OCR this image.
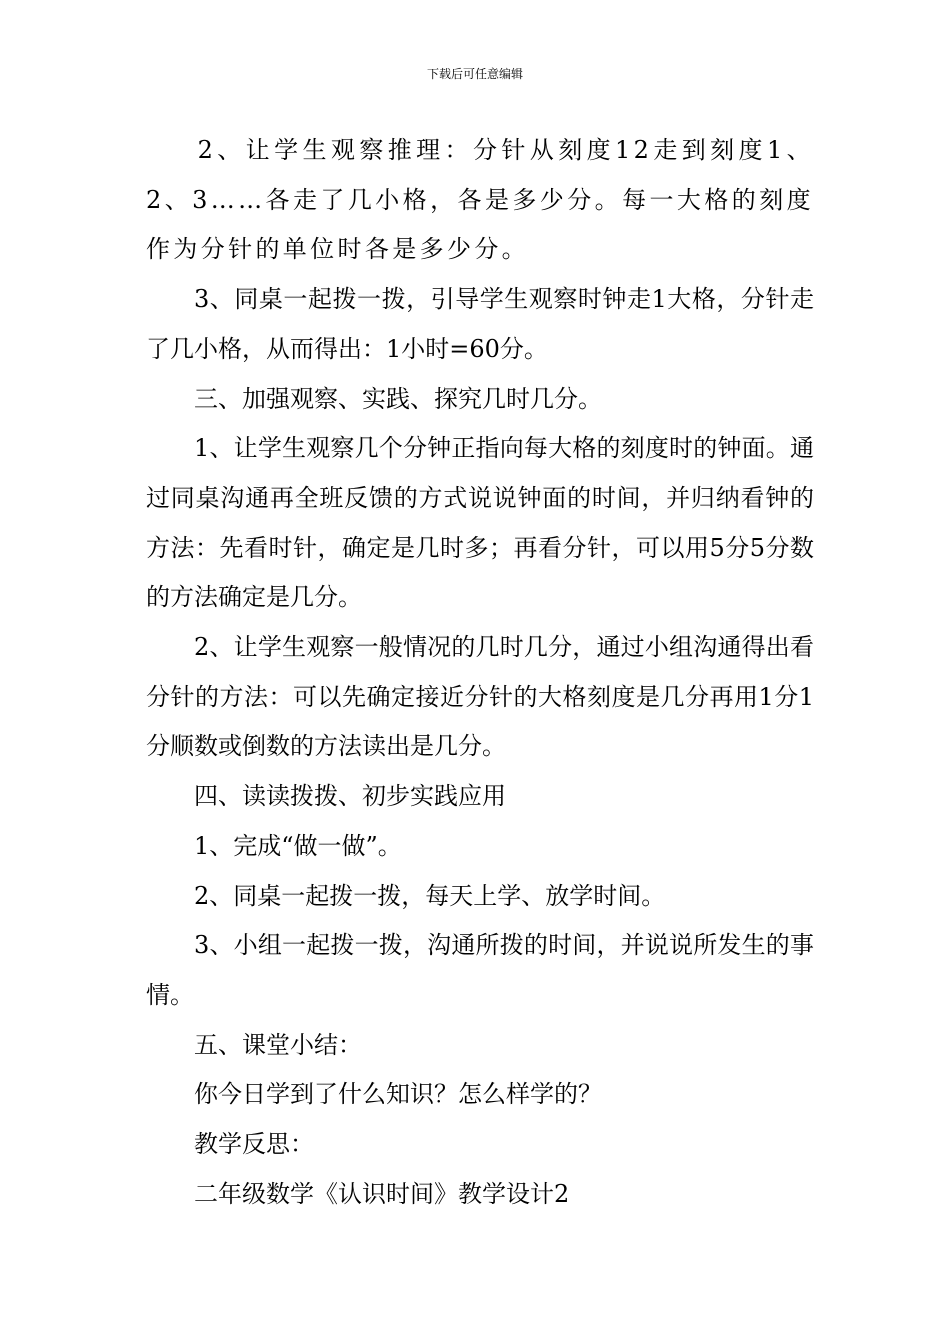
下载后可任意编辑

2、让学生观察推理：分针从刻度12走到刻度1、2、3……各走了几小格，各是多少分。每一大格的刻度作为分针的单位时各是多少分。

3、同桌一起拨一拨，引导学生观察时钟走1大格，分针走了几小格，从而得出：1小时=60分。

三、加强观察、实践、探究几时几分。

1、让学生观察几个分钟正指向每大格的刻度时的钟面。通过同桌沟通再全班反馈的方式说说钟面的时间，并归纳看钟的方法：先看时针，确定是几时多；再看分针，可以用5分5分数的方法确定是几分。

2、让学生观察一般情况的几时几分，通过小组沟通得出看分针的方法：可以先确定接近分针的大格刻度是几分再用1分1分顺数或倒数的方法读出是几分。

四、读读拨拨、初步实践应用

1、完成“做一做”。

2、同桌一起拨一拨，每天上学、放学时间。

3、小组一起拨一拨，沟通所拨的时间，并说说所发生的事情。

五、课堂小结：

你今日学到了什么知识？怎么样学的？

教学反思：

二年级数学《认识时间》教学设计2
